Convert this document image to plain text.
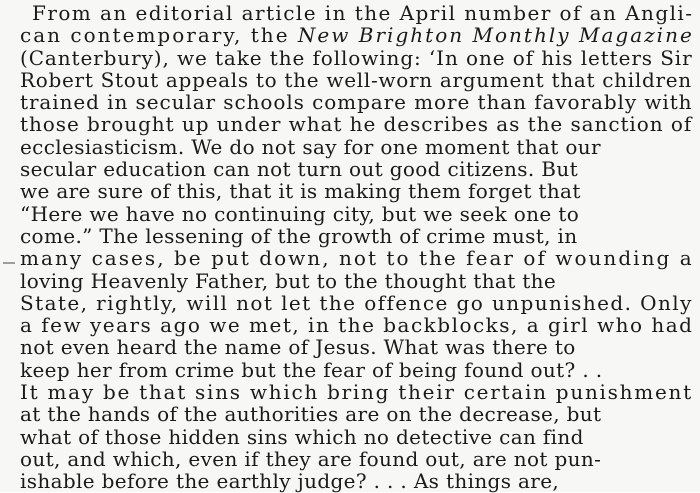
From an editorial article in the April number of an Angli-
can contemporary, the New Brighton Monthly Magazine
(Canterbury), we take the following: ‘In one of his letters Sir
Robert Stout appeals to the well-worn argument that children
trained in secular schools compare more than favorably with
those brought up under what he describes as the sanction of
ecclesiasticism. We do not say for one moment that our
secular education can not turn out good citizens. But
we are sure of this, that it is making them forget that
“Here we have no continuing city, but we seek one to
come.” The lessening of the growth of crime must, in
many cases, be put down, not to the fear of wounding a
loving Heavenly Father, but to the thought that the
State, rightly, will not let the offence go unpunished. Only
a few years ago we met, in the backblocks, a girl who had
not even heard the name of Jesus. What was there to
keep her from crime but the fear of being found out? . .
It may be that sins which bring their certain punishment
at the hands of the authorities are on the decrease, but
what of those hidden sins which no detective can find
out, and which, even if they are found out, are not pun-
ishable before the earthly judge? . . . As things are,
